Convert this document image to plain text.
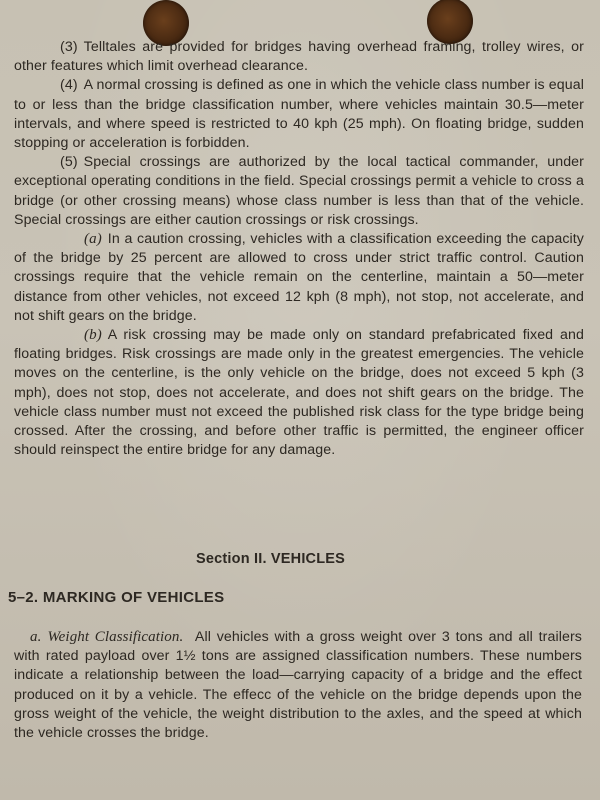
(3) Telltales are provided for bridges having overhead framing, trolley wires, or other features which limit overhead clearance.

(4) A normal crossing is defined as one in which the vehicle class number is equal to or less than the bridge classification number, where vehicles maintain 30.5—meter intervals, and where speed is restricted to 40 kph (25 mph). On floating bridge, sudden stopping or acceleration is forbidden.

(5) Special crossings are authorized by the local tactical commander, under exceptional operating conditions in the field. Special crossings permit a vehicle to cross a bridge (or other crossing means) whose class number is less than that of the vehicle. Special crossings are either caution crossings or risk crossings.

(a) In a caution crossing, vehicles with a classification exceeding the capacity of the bridge by 25 percent are allowed to cross under strict traffic control. Caution crossings require that the vehicle remain on the centerline, maintain a 50—meter distance from other vehicles, not exceed 12 kph (8 mph), not stop, not accelerate, and not shift gears on the bridge.

(b) A risk crossing may be made only on standard prefabricated fixed and floating bridges. Risk crossings are made only in the greatest emergencies. The vehicle moves on the centerline, is the only vehicle on the bridge, does not exceed 5 kph (3 mph), does not stop, does not accelerate, and does not shift gears on the bridge. The vehicle class number must not exceed the published risk class for the type bridge being crossed. After the crossing, and before other traffic is permitted, the engineer officer should reinspect the entire bridge for any damage.

Section II. VEHICLES
5–2. MARKING OF VEHICLES
a. Weight Classification. All vehicles with a gross weight over 3 tons and all trailers with rated payload over 1½ tons are assigned classification numbers. These numbers indicate a relationship between the load—carrying capacity of a bridge and the effect produced on it by a vehicle. The effecc of the vehicle on the bridge depends upon the gross weight of the vehicle, the weight distribution to the axles, and the speed at which the vehicle crosses the bridge.
